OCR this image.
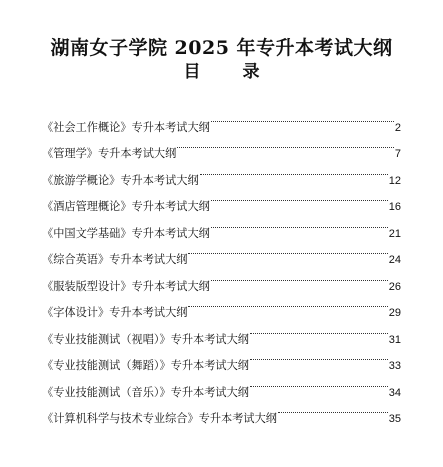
湖南女子学院 2025 年专升本考试大纲
目 录
《社会工作概论》专升本考试大纲	2
《管理学》专升本考试大纲	7
《旅游学概论》专升本考试大纲	12
《酒店管理概论》专升本考试大纲	16
《中国文学基础》专升本考试大纲	21
《综合英语》专升本考试大纲	24
《服装版型设计》专升本考试大纲	26
《字体设计》专升本考试大纲	29
《专业技能测试（视唱）》专升本考试大纲	31
《专业技能测试（舞蹈）》专升本考试大纲	33
《专业技能测试（音乐）》专升本考试大纲	34
《计算机科学与技术专业综合》专升本考试大纲	35
